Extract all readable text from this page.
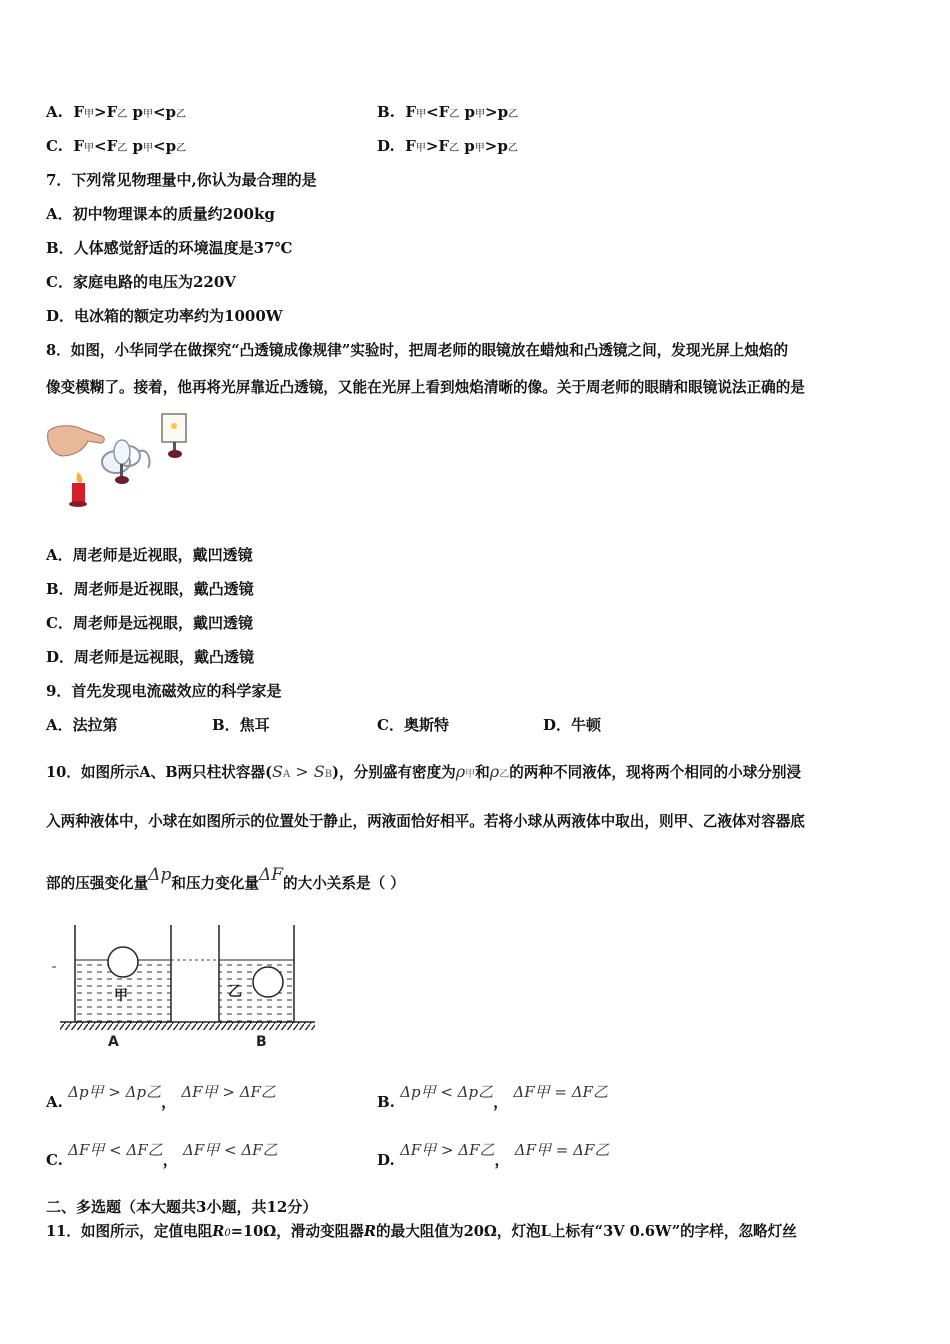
A. F甲>F乙 p甲<p乙	B. F甲<F乙 p甲>p乙
C. F甲<F乙 p甲<p乙	D. F甲>F乙 p甲>p乙
7．下列常见物理量中,你认为最合理的是
A．初中物理课本的质量约200kg
B．人体感觉舒适的环境温度是37℃
C．家庭电路的电压为220V
D．电冰箱的额定功率约为1000W
8．如图，小华同学在做探究“凸透镜成像规律”实验时，把周老师的眼镜放在蜡烛和凸透镜之间，发现光屏上烛焰的
像变模糊了。接着，他再将光屏靠近凸透镜，又能在光屏上看到烛焰清晰的像。关于周老师的眼睛和眼镜说法正确的是
A．周老师是近视眼，戴凹透镜
B．周老师是近视眼，戴凸透镜
C．周老师是远视眼，戴凹透镜
D．周老师是远视眼，戴凸透镜
9．首先发现电流磁效应的科学家是
A．法拉第	B．焦耳	C．奥斯特	D．牛顿
10．如图所示A、B两只柱状容器(SA > SB)，分别盛有密度为ρ甲和ρ乙的两种不同液体，现将两个相同的小球分别浸
入两种液体中，小球在如图所示的位置处于静止，两液面恰好相平。若将小球从两液体中取出，则甲、乙液体对容器底
部的压强变化量Δp和压力变化量ΔF的大小关系是（ ）
甲	乙
A	B
A. Δp甲 > Δp乙， ΔF甲 > ΔF乙
B. Δp甲 < Δp乙， ΔF甲 = ΔF乙
C. ΔF甲 < ΔF乙， ΔF甲 < ΔF乙
D. ΔF甲 > ΔF乙， ΔF甲 = ΔF乙
二、多选题（本大题共3小题，共12分）
11．如图所示，定值电阻R0=10Ω，滑动变阻器R的最大阻值为20Ω，灯泡L上标有“3V 0.6W”的字样，忽略灯丝
